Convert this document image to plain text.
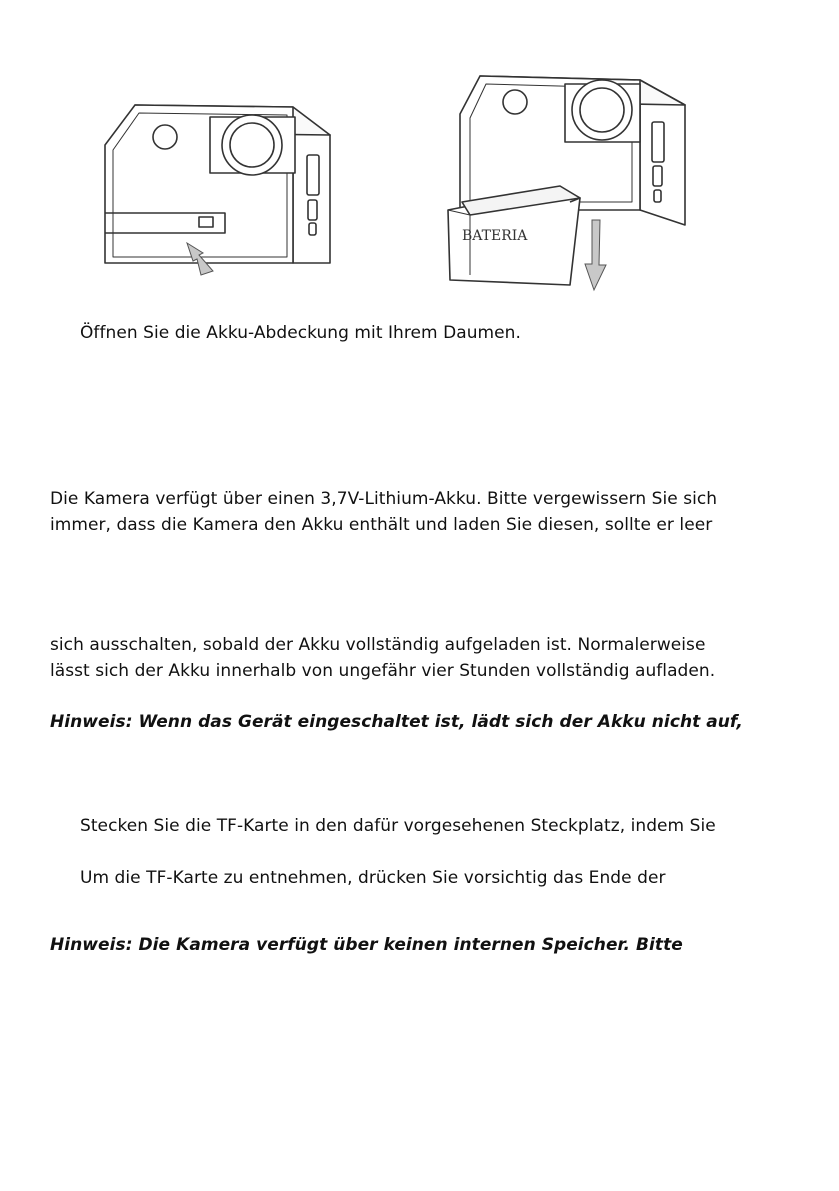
BATERIA
Öffnen Sie die Akku-Abdeckung mit Ihrem Daumen.
Die Kamera verfügt über einen 3,7V-Lithium-Akku. Bitte vergewissern Sie sich
immer, dass die Kamera den Akku enthält und laden Sie diesen, sollte er leer
sich ausschalten, sobald der Akku vollständig aufgeladen ist. Normalerweise
lässt sich der Akku innerhalb von ungefähr vier Stunden vollständig aufladen.
Hinweis: Wenn das Gerät eingeschaltet ist, lädt sich der Akku nicht auf,
Stecken Sie die TF-Karte in den dafür vorgesehenen Steckplatz, indem Sie
Um die TF-Karte zu entnehmen, drücken Sie vorsichtig das Ende der
Hinweis: Die Kamera verfügt über keinen internen Speicher. Bitte
